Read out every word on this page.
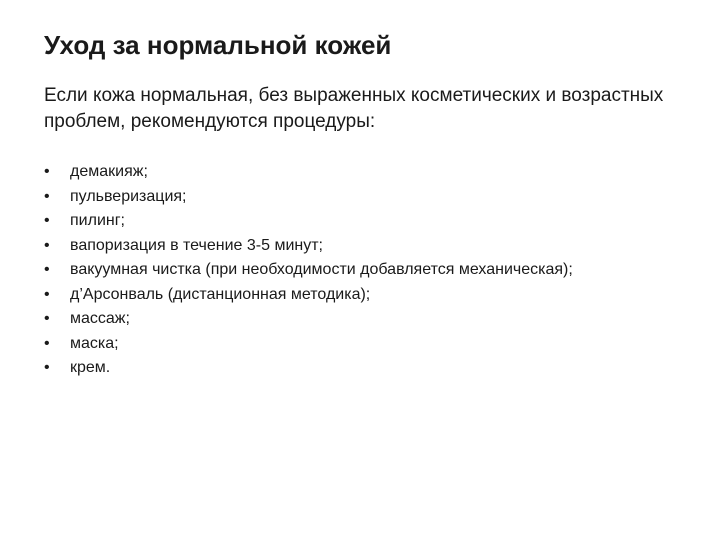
Уход за нормальной кожей

Если кожа нормальная, без выраженных косметических и возрастных проблем, рекомендуются процедуры:

•	демакияж;
•	пульверизация;
•	пилинг;
•	вапоризация в течение 3-5 минут;
•	вакуумная чистка (при необходимости добавляется механическая);
•	д’Арсонваль (дистанционная методика);
•	массаж;
•	маска;
•	крем.
